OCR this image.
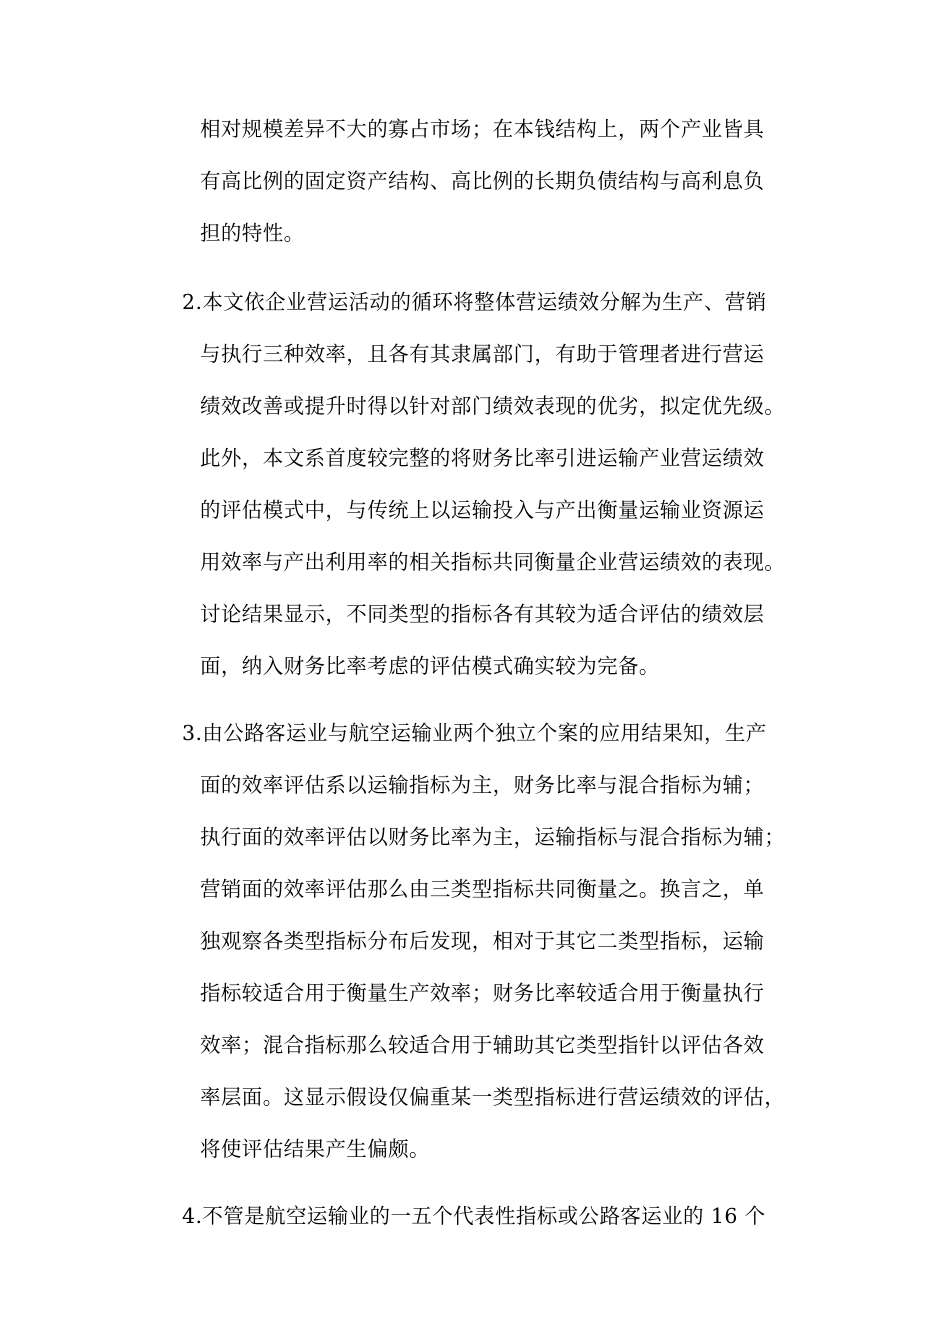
相对规模差异不大的寡占市场；在本钱结构上，两个产业皆具
有高比例的固定资产结构、高比例的长期负债结构与高利息负
担的特性。
2.本文依企业营运活动的循环将整体营运绩效分解为生产、营销
与执行三种效率，且各有其隶属部门，有助于管理者进行营运
绩效改善或提升时得以针对部门绩效表现的优劣，拟定优先级。
此外，本文系首度较完整的将财务比率引进运输产业营运绩效
的评估模式中，与传统上以运输投入与产出衡量运输业资源运
用效率与产出利用率的相关指标共同衡量企业营运绩效的表现。
讨论结果显示，不同类型的指标各有其较为适合评估的绩效层
面，纳入财务比率考虑的评估模式确实较为完备。
3.由公路客运业与航空运输业两个独立个案的应用结果知，生产
面的效率评估系以运输指标为主，财务比率与混合指标为辅；
执行面的效率评估以财务比率为主，运输指标与混合指标为辅；
营销面的效率评估那么由三类型指标共同衡量之。换言之，单
独观察各类型指标分布后发现，相对于其它二类型指标，运输
指标较适合用于衡量生产效率；财务比率较适合用于衡量执行
效率；混合指标那么较适合用于辅助其它类型指针以评估各效
率层面。这显示假设仅偏重某一类型指标进行营运绩效的评估，
将使评估结果产生偏颇。
4.不管是航空运输业的一五个代表性指标或公路客运业的 16 个
